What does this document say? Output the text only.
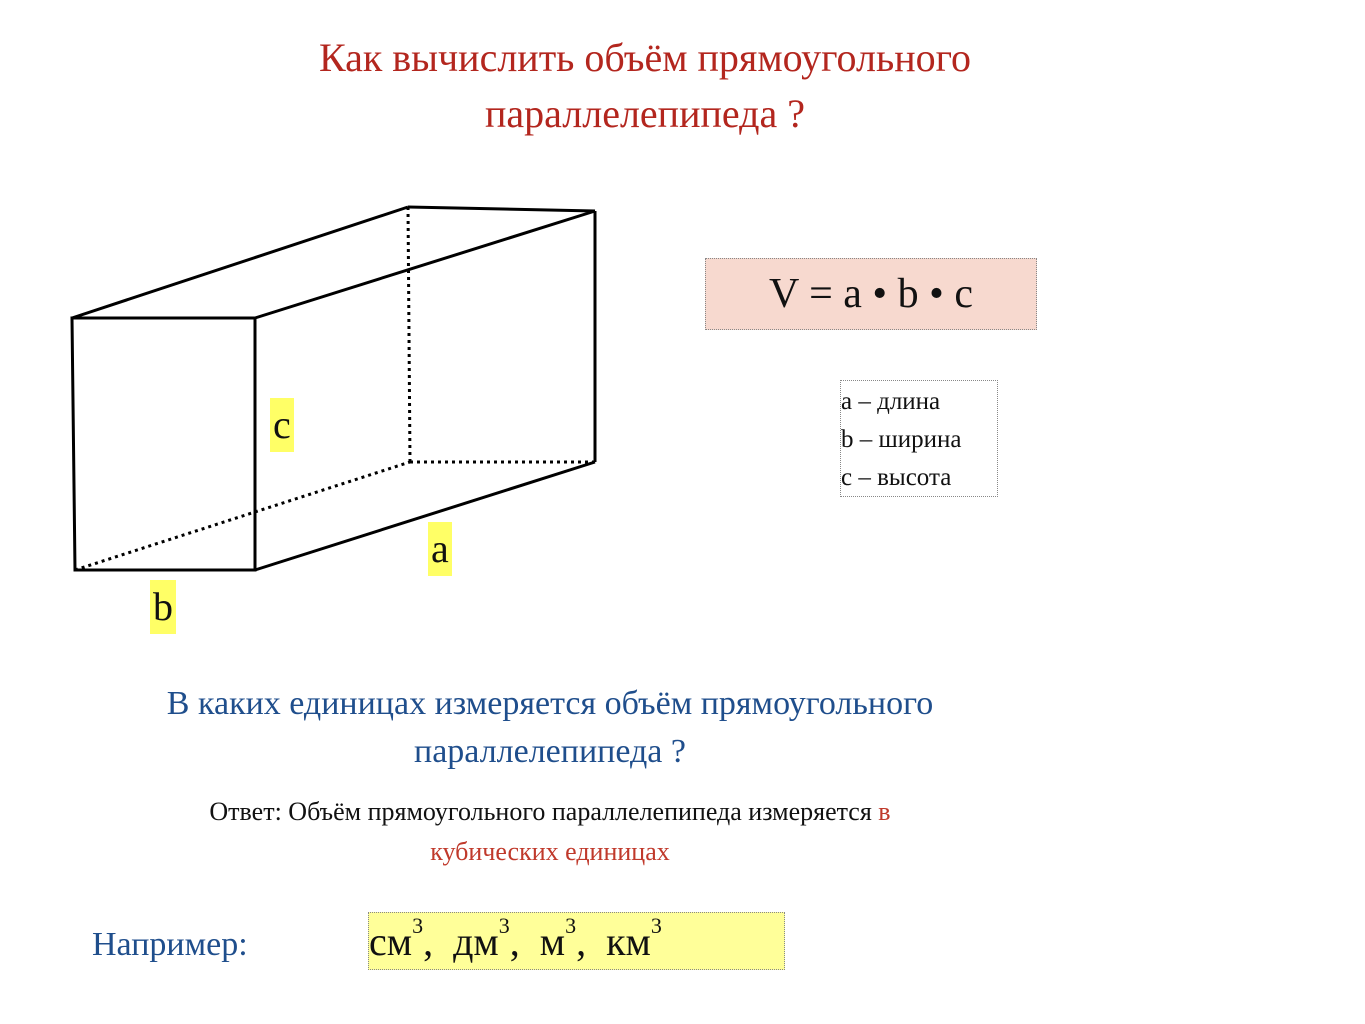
Как вычислить объём прямоугольного
параллелепипеда ?
c
a
b
V = a • b • c
а – длина
b – ширина
с – высота
В каких единицах измеряется объём прямоугольного
параллелепипеда ?
Ответ: Объём прямоугольного параллелепипеда измеряется в
кубических единицах
Например:	$см^3$,  $дм^3$,  $м^3$,  $км^3$
